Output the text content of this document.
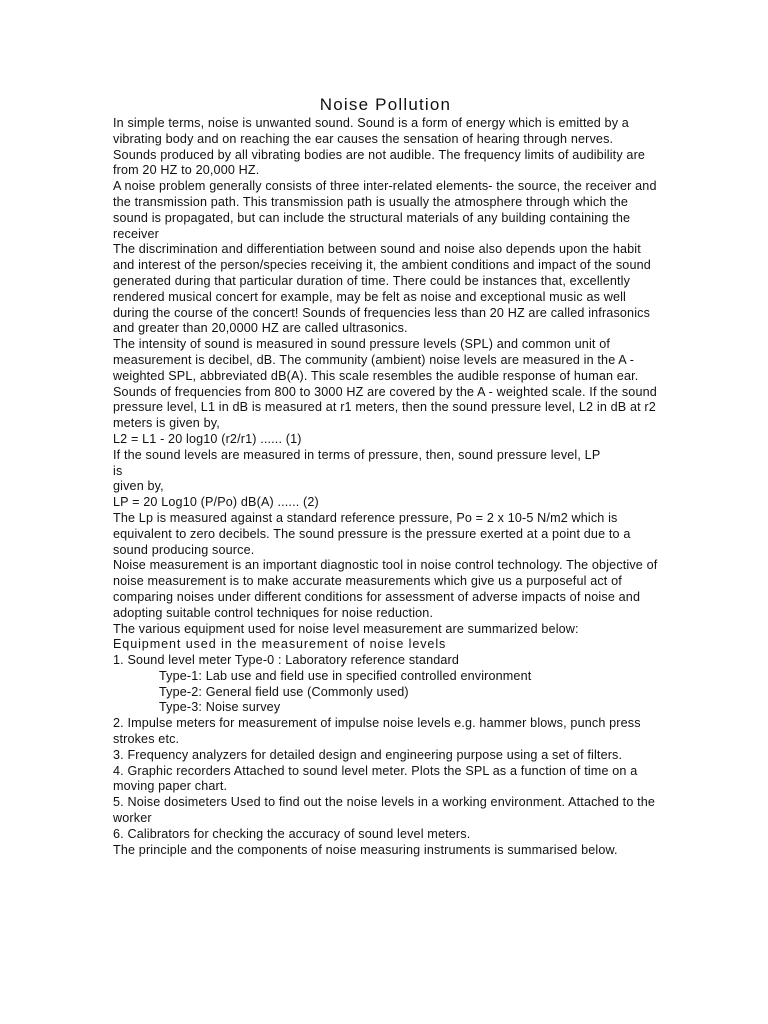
Noise Pollution

In simple terms, noise is unwanted sound. Sound is a form of energy which is emitted by a vibrating body and on reaching the ear causes the sensation of hearing through nerves. Sounds produced by all vibrating bodies are not audible. The frequency limits of audibility are from 20 HZ to 20,000 HZ.

A noise problem generally consists of three inter-related elements- the source, the receiver and the transmission path. This transmission path is usually the atmosphere through which the sound is propagated, but can include the structural materials of any building containing the receiver

The discrimination and differentiation between sound and noise also depends upon the habit and interest of the person/species receiving it, the ambient conditions and impact of the sound generated during that particular duration of time. There could be instances that, excellently rendered musical concert for example, may be felt as noise and exceptional music as well during the course of the concert! Sounds of frequencies less than 20 HZ are called infrasonics and greater than 20,0000 HZ are called ultrasonics.

The intensity of sound is measured in sound pressure levels (SPL) and common unit of measurement is decibel, dB. The community (ambient) noise levels are measured in the A - weighted SPL, abbreviated dB(A). This scale resembles the audible response of human ear. Sounds of frequencies from 800 to 3000 HZ are covered by the A - weighted scale. If the sound pressure level, L1 in dB is measured at r1 meters, then the sound pressure level, L2 in dB at r2 meters is given by,

L2 = L1 - 20 log10 (r2/r1) ...... (1)

If the sound levels are measured in terms of pressure, then, sound pressure level, LP

is

given by,

LP = 20 Log10 (P/Po) dB(A) ...... (2)

The Lp is measured against a standard reference pressure, Po = 2 x 10-5 N/m2 which is equivalent to zero decibels. The sound pressure is the pressure exerted at a point due to a sound producing source.

Noise measurement is an important diagnostic tool in noise control technology. The objective of noise measurement is to make accurate measurements which give us a purposeful act of comparing noises under different conditions for assessment of adverse impacts of noise and adopting suitable control techniques for noise reduction.

The various equipment used for noise level measurement are summarized below:

Equipment used in the measurement of noise levels

1. Sound level meter Type-0 : Laboratory reference standard

Type-1: Lab use and field use in specified controlled environment

Type-2: General field use (Commonly used)

Type-3: Noise survey

2. Impulse meters for measurement of impulse noise levels e.g. hammer blows, punch press strokes etc.

3. Frequency analyzers for detailed design and engineering purpose using a set of filters.

4. Graphic recorders Attached to sound level meter. Plots the SPL as a function of time on a moving paper chart.

5. Noise dosimeters Used to find out the noise levels in a working environment. Attached to the worker

6. Calibrators for checking the accuracy of sound level meters.

The principle and the components of noise measuring instruments is summarised below.
